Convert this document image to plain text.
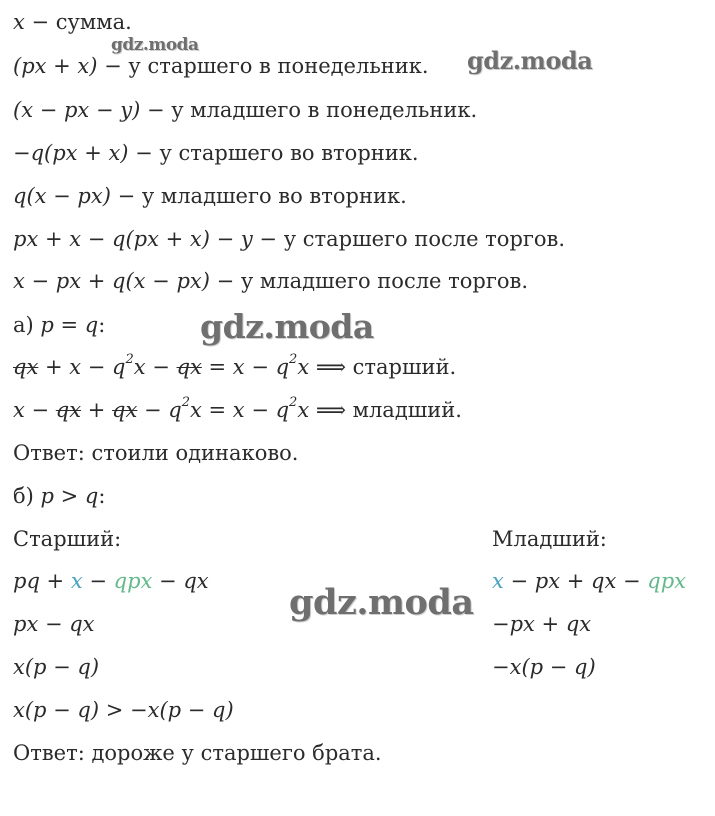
x − сумма.
(px + x) − у старшего в понедельник.
(x − px − y) − у младшего в понедельник.
−q(px + x) − у старшего во вторник.
q(x − px) − у младшего во вторник.
px + x − q(px + x) − y − у старшего после торгов.
x − px + q(x − px) − у младшего после торгов.
а) p = q:
qx + $x - q^2x$ − qx = $x - q^2x$ ⟹ старший.
x − qx + qx − $q^2x = x - q^2x$ ⟹ младший.
Ответ: стоили одинаково.
б) p > q:
Старший:	Младший:
pq + x − qpx − qx	x − px + qx − qpx
px − qx	−px + qx
x(p − q)	−x(p − q)
x(p − q) > −x(p − q)
Ответ: дороже у старшего брата.
gdz.moda
gdz.moda
gdz.moda
gdz.moda
